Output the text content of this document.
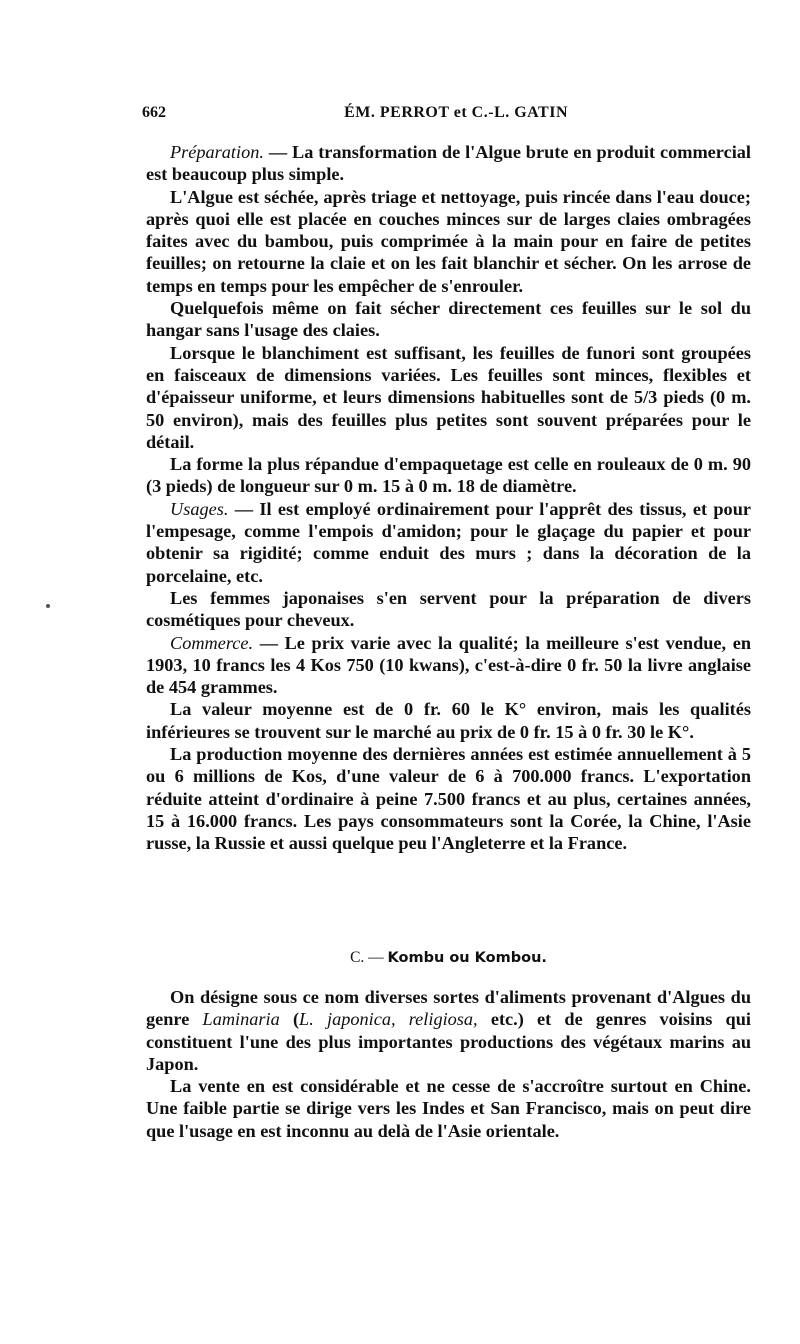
662	ÉM. PERROT et C.-L. GATIN

Préparation. — La transformation de l'Algue brute en produit commercial est beaucoup plus simple.

L'Algue est séchée, après triage et nettoyage, puis rincée dans l'eau douce; après quoi elle est placée en couches minces sur de larges claies ombragées faites avec du bambou, puis comprimée à la main pour en faire de petites feuilles; on retourne la claie et on les fait blanchir et sécher. On les arrose de temps en temps pour les empêcher de s'enrouler.

Quelquefois même on fait sécher directement ces feuilles sur le sol du hangar sans l'usage des claies.

Lorsque le blanchiment est suffisant, les feuilles de funori sont groupées en faisceaux de dimensions variées. Les feuilles sont minces, flexibles et d'épaisseur uniforme, et leurs dimensions habituelles sont de 5/3 pieds (0 m. 50 environ), mais des feuilles plus petites sont souvent préparées pour le détail.

La forme la plus répandue d'empaquetage est celle en rouleaux de 0 m. 90 (3 pieds) de longueur sur 0 m. 15 à 0 m. 18 de diamètre.

Usages. — Il est employé ordinairement pour l'apprêt des tissus, et pour l'empesage, comme l'empois d'amidon; pour le glaçage du papier et pour obtenir sa rigidité; comme enduit des murs ; dans la décoration de la porcelaine, etc.

Les femmes japonaises s'en servent pour la préparation de divers cosmétiques pour cheveux.

Commerce. — Le prix varie avec la qualité; la meilleure s'est vendue, en 1903, 10 francs les 4 Kos 750 (10 kwans), c'est-à-dire 0 fr. 50 la livre anglaise de 454 grammes.

La valeur moyenne est de 0 fr. 60 le K° environ, mais les qualités inférieures se trouvent sur le marché au prix de 0 fr. 15 à 0 fr. 30 le K°.

La production moyenne des dernières années est estimée annuellement à 5 ou 6 millions de Kos, d'une valeur de 6 à 700.000 francs. L'exportation réduite atteint d'ordinaire à peine 7.500 francs et au plus, certaines années, 15 à 16.000 francs. Les pays consommateurs sont la Corée, la Chine, l'Asie russe, la Russie et aussi quelque peu l'Angleterre et la France.

C. — Kombu ou Kombou.

On désigne sous ce nom diverses sortes d'aliments provenant d'Algues du genre Laminaria (L. japonica, religiosa, etc.) et de genres voisins qui constituent l'une des plus importantes productions des végétaux marins au Japon.

La vente en est considérable et ne cesse de s'accroître surtout en Chine. Une faible partie se dirige vers les Indes et San Francisco, mais on peut dire que l'usage en est inconnu au delà de l'Asie orientale.
